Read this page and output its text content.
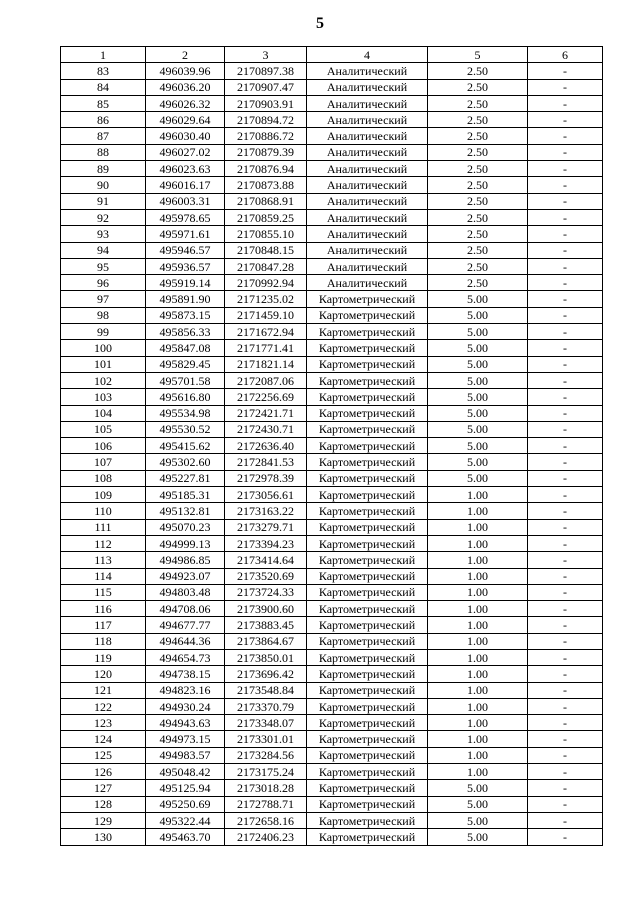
5
1	2	3	4	5	6
83	496039.96	2170897.38	Аналитический	2.50	-
84	496036.20	2170907.47	Аналитический	2.50	-
85	496026.32	2170903.91	Аналитический	2.50	-
86	496029.64	2170894.72	Аналитический	2.50	-
87	496030.40	2170886.72	Аналитический	2.50	-
88	496027.02	2170879.39	Аналитический	2.50	-
89	496023.63	2170876.94	Аналитический	2.50	-
90	496016.17	2170873.88	Аналитический	2.50	-
91	496003.31	2170868.91	Аналитический	2.50	-
92	495978.65	2170859.25	Аналитический	2.50	-
93	495971.61	2170855.10	Аналитический	2.50	-
94	495946.57	2170848.15	Аналитический	2.50	-
95	495936.57	2170847.28	Аналитический	2.50	-
96	495919.14	2170992.94	Аналитический	2.50	-
97	495891.90	2171235.02	Картометрический	5.00	-
98	495873.15	2171459.10	Картометрический	5.00	-
99	495856.33	2171672.94	Картометрический	5.00	-
100	495847.08	2171771.41	Картометрический	5.00	-
101	495829.45	2171821.14	Картометрический	5.00	-
102	495701.58	2172087.06	Картометрический	5.00	-
103	495616.80	2172256.69	Картометрический	5.00	-
104	495534.98	2172421.71	Картометрический	5.00	-
105	495530.52	2172430.71	Картометрический	5.00	-
106	495415.62	2172636.40	Картометрический	5.00	-
107	495302.60	2172841.53	Картометрический	5.00	-
108	495227.81	2172978.39	Картометрический	5.00	-
109	495185.31	2173056.61	Картометрический	1.00	-
110	495132.81	2173163.22	Картометрический	1.00	-
111	495070.23	2173279.71	Картометрический	1.00	-
112	494999.13	2173394.23	Картометрический	1.00	-
113	494986.85	2173414.64	Картометрический	1.00	-
114	494923.07	2173520.69	Картометрический	1.00	-
115	494803.48	2173724.33	Картометрический	1.00	-
116	494708.06	2173900.60	Картометрический	1.00	-
117	494677.77	2173883.45	Картометрический	1.00	-
118	494644.36	2173864.67	Картометрический	1.00	-
119	494654.73	2173850.01	Картометрический	1.00	-
120	494738.15	2173696.42	Картометрический	1.00	-
121	494823.16	2173548.84	Картометрический	1.00	-
122	494930.24	2173370.79	Картометрический	1.00	-
123	494943.63	2173348.07	Картометрический	1.00	-
124	494973.15	2173301.01	Картометрический	1.00	-
125	494983.57	2173284.56	Картометрический	1.00	-
126	495048.42	2173175.24	Картометрический	1.00	-
127	495125.94	2173018.28	Картометрический	5.00	-
128	495250.69	2172788.71	Картометрический	5.00	-
129	495322.44	2172658.16	Картометрический	5.00	-
130	495463.70	2172406.23	Картометрический	5.00	-
